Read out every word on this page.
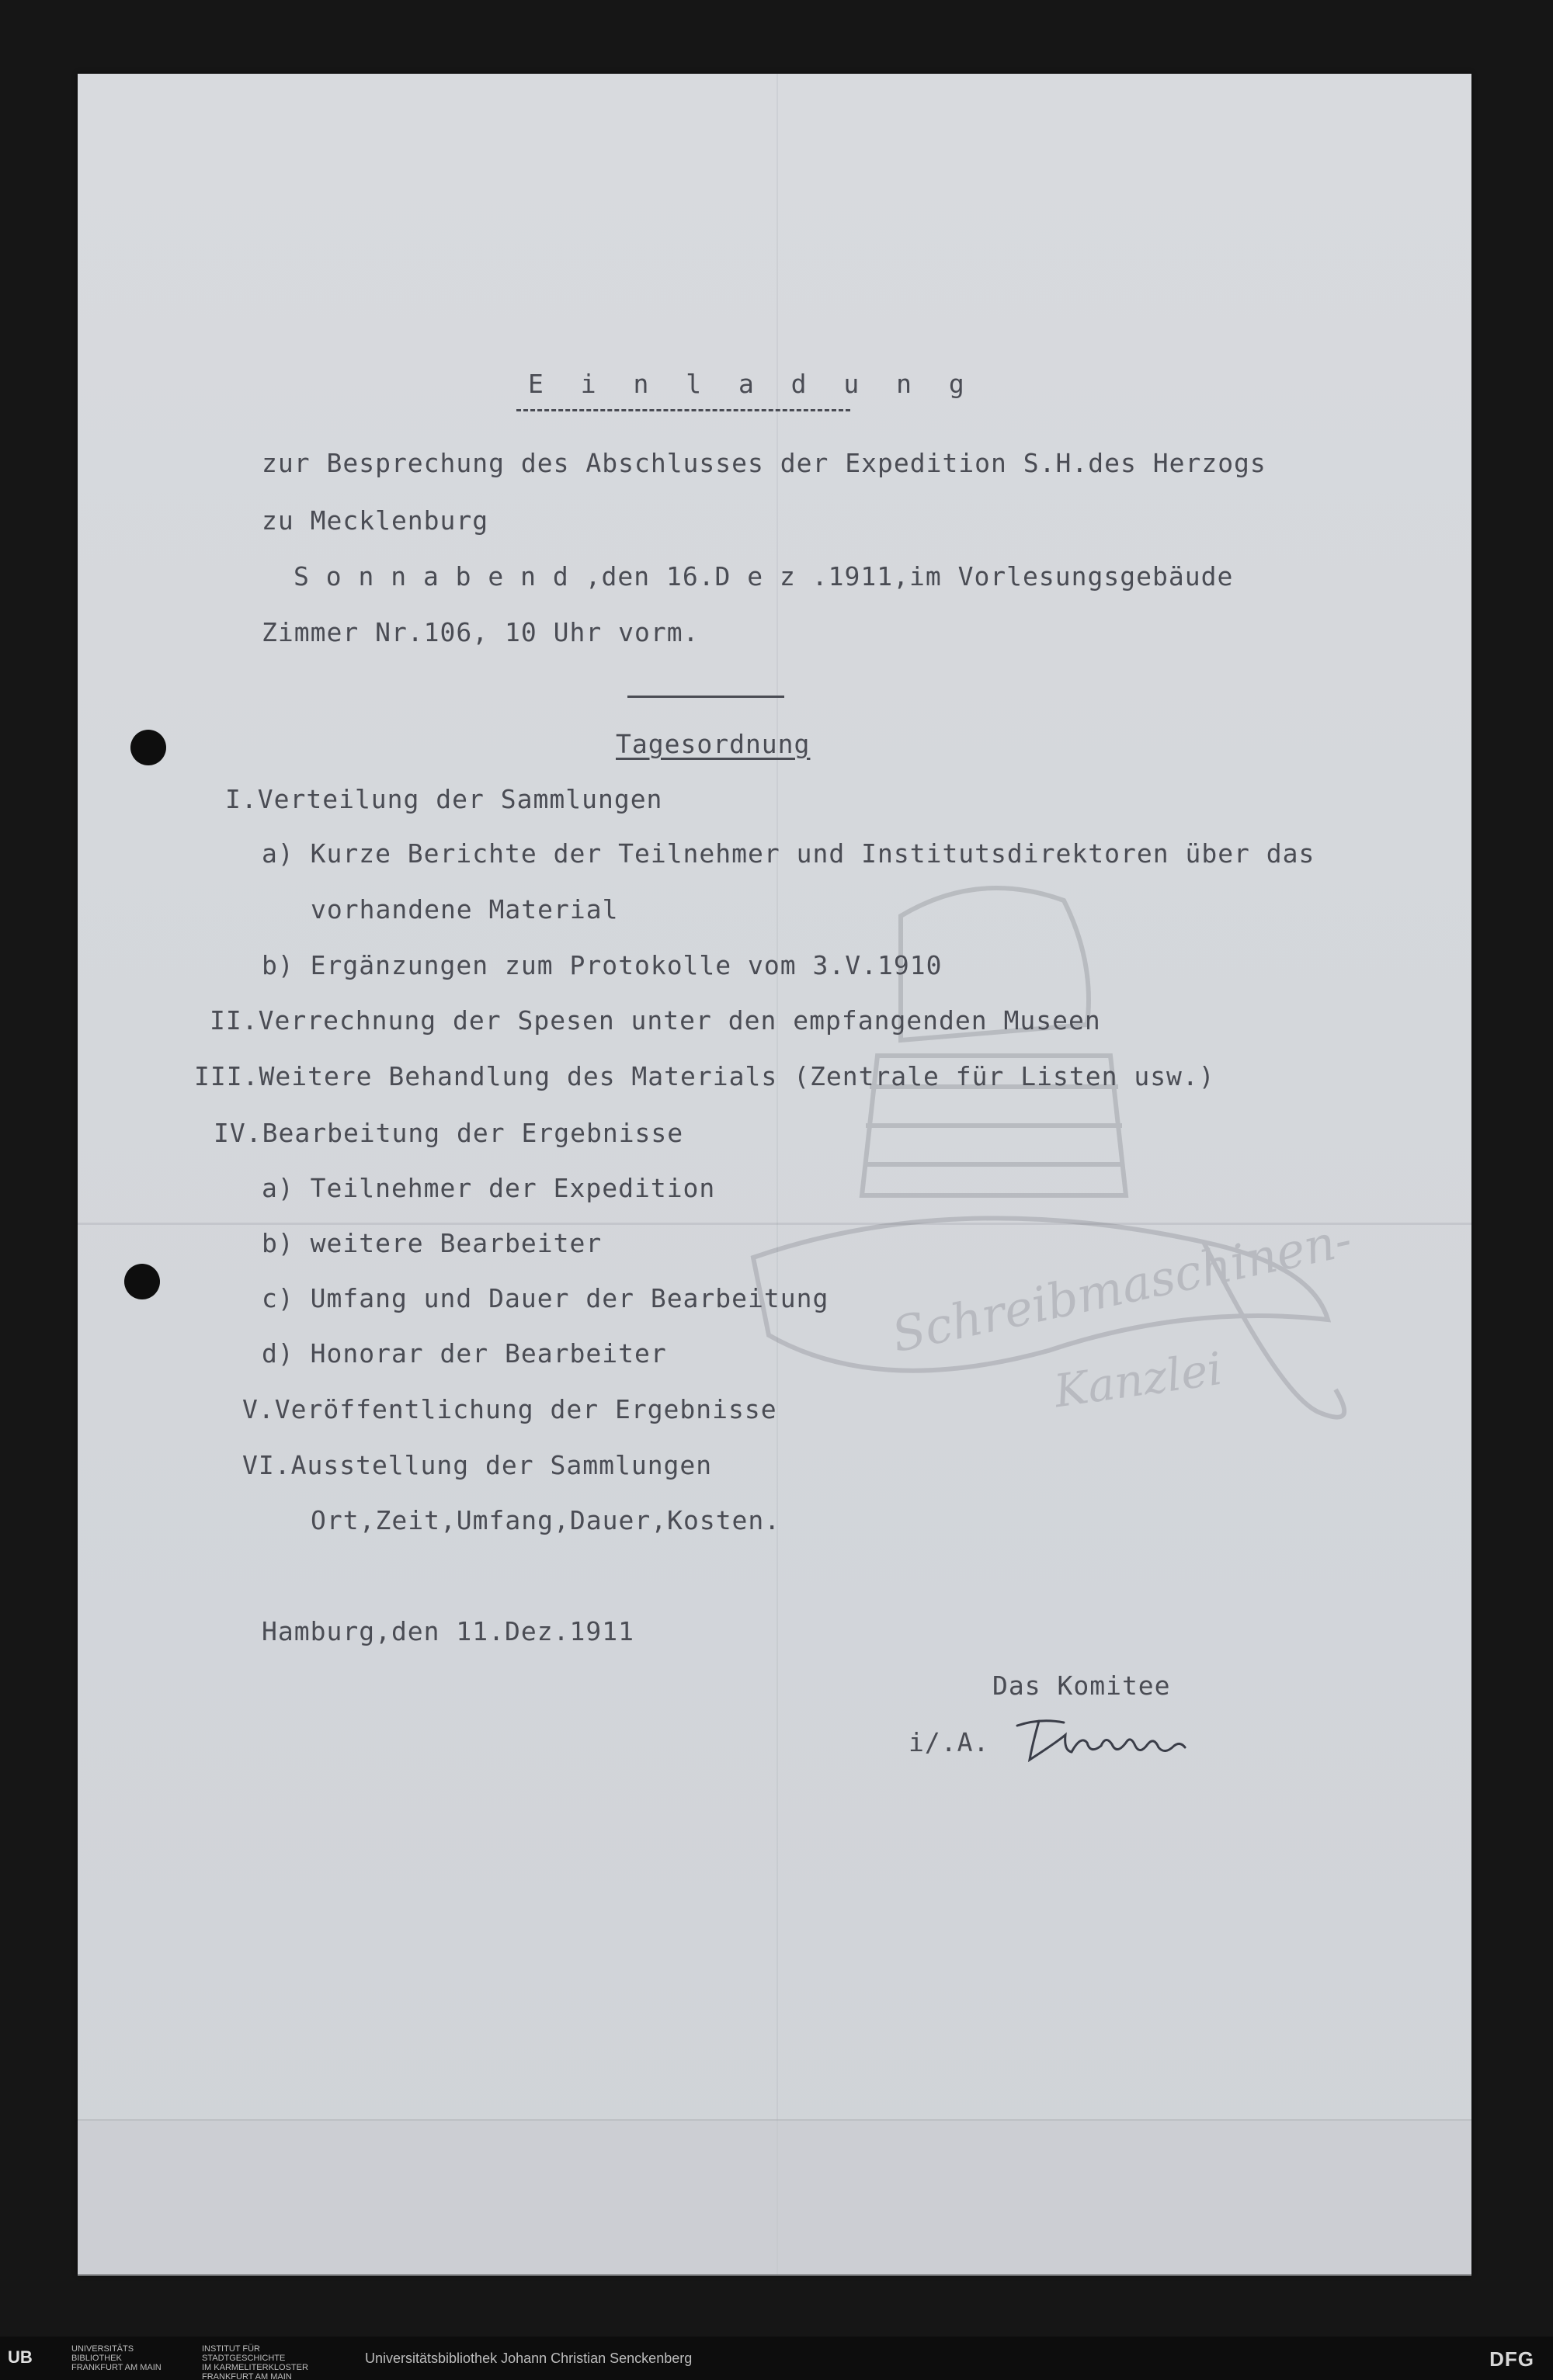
Schreibmaschinen-
Kanzlei
E i n l a d u n g
zur Besprechung des Abschlusses der Expedition S.H.des Herzogs
zu Mecklenburg
S o n n a b e n d ,den 16.D e z .1911,im Vorlesungsgebäude
Zimmer Nr.106, 10 Uhr vorm.
Tagesordnung
I.Verteilung der Sammlungen
a) Kurze Berichte der Teilnehmer und Institutsdirektoren über das
vorhandene Material
b) Ergänzungen zum Protokolle vom 3.V.1910
II.Verrechnung der Spesen unter den empfangenden Museen
III.Weitere Behandlung des Materials (Zentrale für Listen usw.)
IV.Bearbeitung der Ergebnisse
a) Teilnehmer der Expedition
b) weitere Bearbeiter
c) Umfang und Dauer der Bearbeitung
d) Honorar der Bearbeiter
V.Veröffentlichung der Ergebnisse
VI.Ausstellung der Sammlungen
Ort,Zeit,Umfang,Dauer,Kosten.
Hamburg,den 11.Dez.1911
Das Komitee
i/.A.
UB	UNIVERSITÄTS
BIBLIOTHEK
FRANKFURT AM MAIN
INSTITUT FÜR
STADTGESCHICHTE
IM KARMELITERKLOSTER
FRANKFURT AM MAIN
Universitätsbibliothek Johann Christian Senckenberg	DFG
